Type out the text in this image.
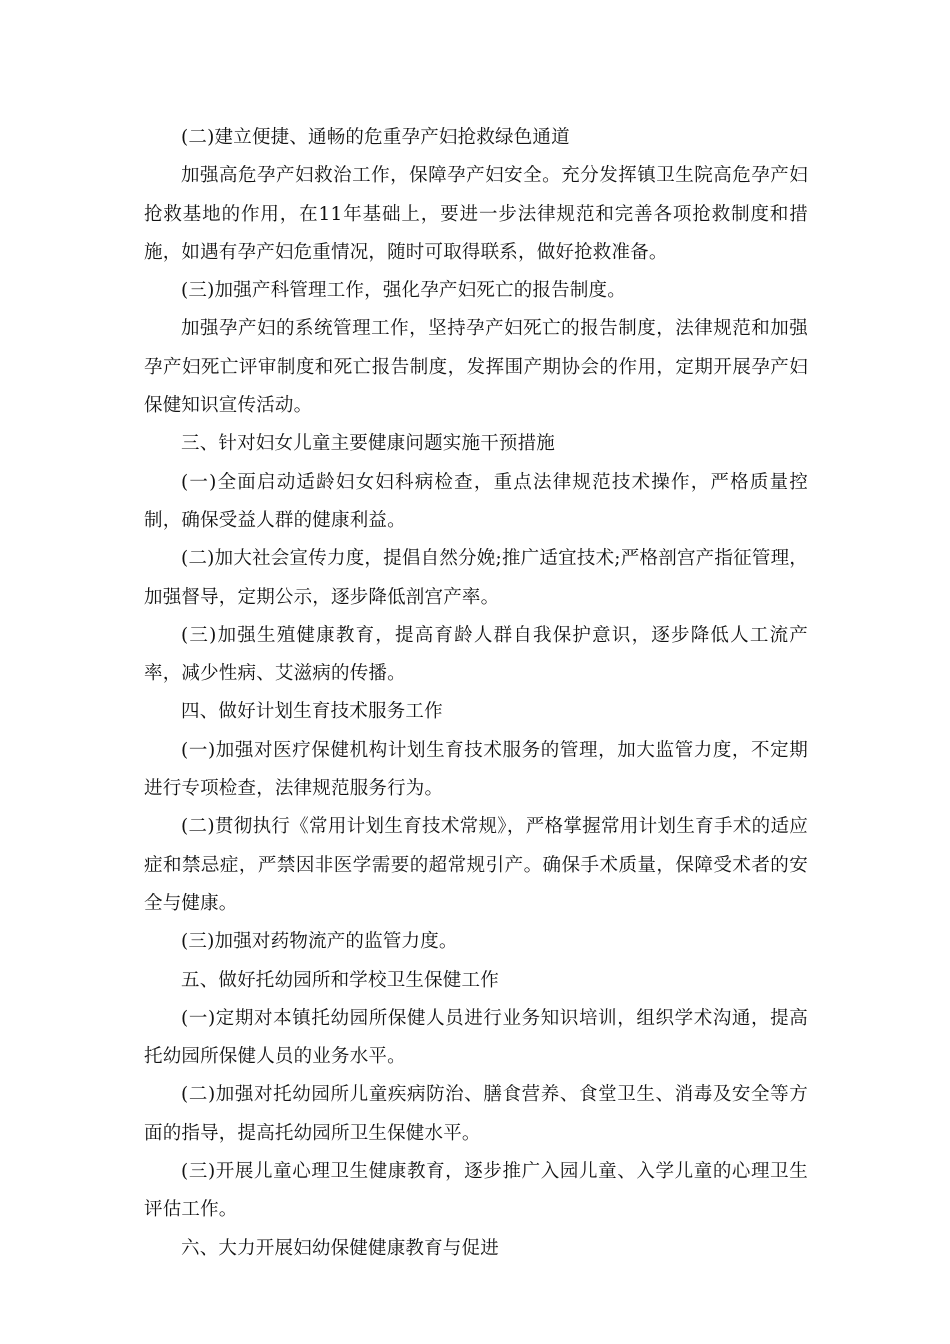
(二)建立便捷、通畅的危重孕产妇抢救绿色通道

加强高危孕产妇救治工作，保障孕产妇安全。充分发挥镇卫生院高危孕产妇抢救基地的作用，在11年基础上，要进一步法律规范和完善各项抢救制度和措施，如遇有孕产妇危重情况，随时可取得联系，做好抢救准备。

(三)加强产科管理工作，强化孕产妇死亡的报告制度。

加强孕产妇的系统管理工作，坚持孕产妇死亡的报告制度，法律规范和加强孕产妇死亡评审制度和死亡报告制度，发挥围产期协会的作用，定期开展孕产妇保健知识宣传活动。

三、针对妇女儿童主要健康问题实施干预措施

(一)全面启动适龄妇女妇科病检查，重点法律规范技术操作，严格质量控制，确保受益人群的健康利益。

(二)加大社会宣传力度，提倡自然分娩;推广适宜技术;严格剖宫产指征管理，加强督导，定期公示，逐步降低剖宫产率。

(三)加强生殖健康教育，提高育龄人群自我保护意识，逐步降低人工流产率，减少性病、艾滋病的传播。

四、做好计划生育技术服务工作

(一)加强对医疗保健机构计划生育技术服务的管理，加大监管力度，不定期进行专项检查，法律规范服务行为。

(二)贯彻执行《常用计划生育技术常规》，严格掌握常用计划生育手术的适应症和禁忌症，严禁因非医学需要的超常规引产。确保手术质量，保障受术者的安全与健康。

(三)加强对药物流产的监管力度。

五、做好托幼园所和学校卫生保健工作

(一)定期对本镇托幼园所保健人员进行业务知识培训，组织学术沟通，提高托幼园所保健人员的业务水平。

(二)加强对托幼园所儿童疾病防治、膳食营养、食堂卫生、消毒及安全等方面的指导，提高托幼园所卫生保健水平。

(三)开展儿童心理卫生健康教育，逐步推广入园儿童、入学儿童的心理卫生评估工作。

六、大力开展妇幼保健健康教育与促进
